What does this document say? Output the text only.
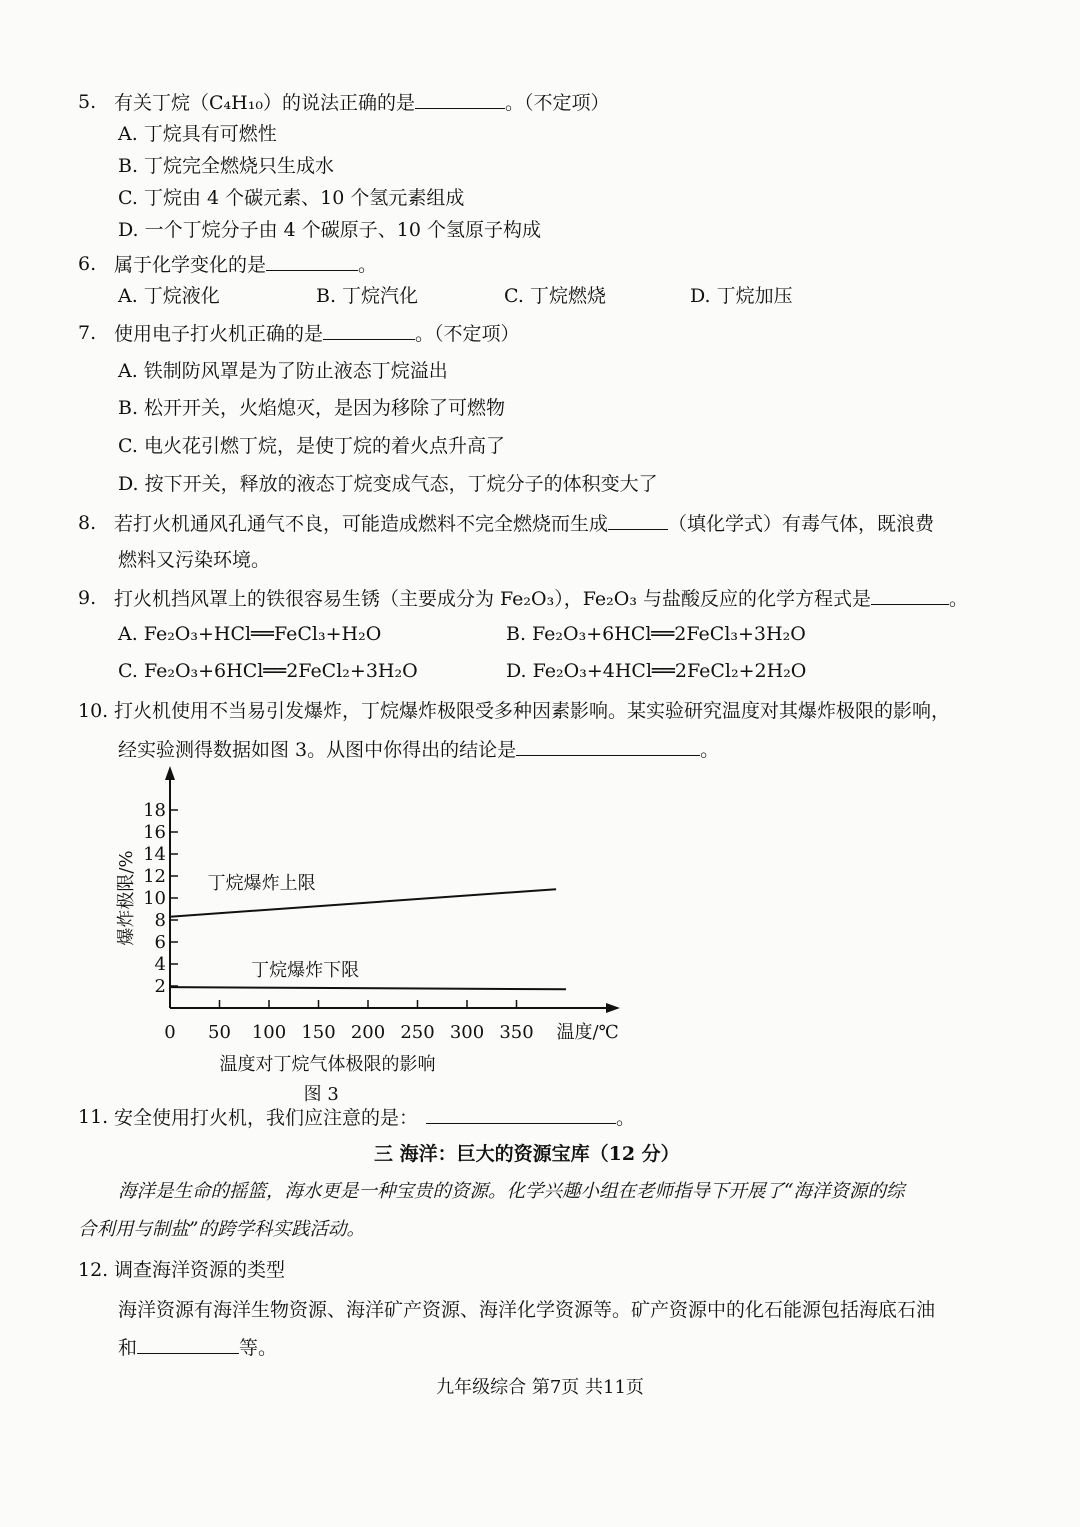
5. 有关丁烷（C₄H₁₀）的说法正确的是	。（不定项）
A. 丁烷具有可燃性
B. 丁烷完全燃烧只生成水
C. 丁烷由 4 个碳元素、10 个氢元素组成
D. 一个丁烷分子由 4 个碳原子、10 个氢原子构成
6. 属于化学变化的是	。
A. 丁烷液化	B. 丁烷汽化	C. 丁烷燃烧	D. 丁烷加压
7. 使用电子打火机正确的是	。（不定项）
A. 铁制防风罩是为了防止液态丁烷溢出
B. 松开开关，火焰熄灭，是因为移除了可燃物
C. 电火花引燃丁烷，是使丁烷的着火点升高了
D. 按下开关，释放的液态丁烷变成气态，丁烷分子的体积变大了
8. 若打火机通风孔通气不良，可能造成燃料不完全燃烧而生成	（填化学式）有毒气体，既浪费
燃料又污染环境。
9. 打火机挡风罩上的铁很容易生锈（主要成分为 Fe₂O₃），Fe₂O₃ 与盐酸反应的化学方程式是	。
A. Fe₂O₃+HCl══FeCl₃+H₂O	B. Fe₂O₃+6HCl══2FeCl₃+3H₂O
C. Fe₂O₃+6HCl══2FeCl₂+3H₂O	D. Fe₂O₃+4HCl══2FeCl₂+2H₂O
10. 打火机使用不当易引发爆炸，丁烷爆炸极限受多种因素影响。某实验研究温度对其爆炸极限的影响，
经实验测得数据如图 3。从图中你得出的结论是	。
2
4
6
8
10
12
14
16
18
0 50 100 150 200 250 300 350 温度/℃
爆炸极限/%	丁烷爆炸上限
丁烷爆炸下限
温度对丁烷气体极限的影响
图 3
11. 安全使用打火机，我们应注意的是：	。
三 海洋：巨大的资源宝库（12 分）
海洋是生命的摇篮，海水更是一种宝贵的资源。化学兴趣小组在老师指导下开展了“海洋资源的综
合利用与制盐”的跨学科实践活动。
12. 调查海洋资源的类型
海洋资源有海洋生物资源、海洋矿产资源、海洋化学资源等。矿产资源中的化石能源包括海底石油
和	等。
九年级综合 第7页 共11页
